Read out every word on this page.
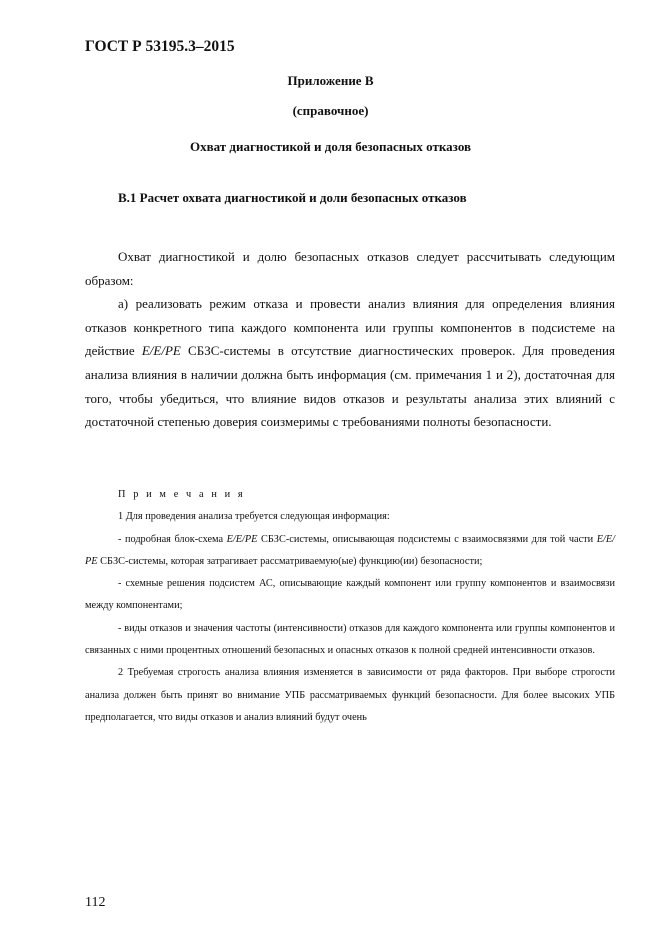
ГОСТ Р 53195.3–2015
Приложение В
(справочное)
Охват диагностикой и доля безопасных отказов
В.1 Расчет охвата диагностикой и доли безопасных отказов

Охват диагностикой и долю безопасных отказов следует рассчитывать следующим образом:

а) реализовать режим отказа и провести анализ влияния для определения влияния отказов конкретного типа каждого компонента или группы компонентов в подсистеме на действие Е/Е/РЕ СБЗС-системы в отсутствие диагностических проверок. Для проведения анализа влияния в наличии должна быть информация (см. примечания 1 и 2), достаточная для того, чтобы убедиться, что влияние видов отказов и результаты анализа этих влияний с достаточной степенью доверия соизмеримы с требованиями полноты безопасности.

П р и м е ч а н и я

1 Для проведения анализа требуется следующая информация:

- подробная блок-схема Е/Е/РЕ СБЗС-системы, описывающая подсистемы с взаимосвязями для той части Е/Е/РЕ СБЗС-системы, которая затрагивает рассматриваемую(ые) функцию(ии) безопасности;

- схемные решения подсистем АС, описывающие каждый компонент или группу компонентов и взаимосвязи между компонентами;

- виды отказов и значения частоты (интенсивности) отказов для каждого компонента или группы компонентов и связанных с ними процентных отношений безопасных и опасных отказов к полной средней интенсивности отказов.

2 Требуемая строгость анализа влияния изменяется в зависимости от ряда факторов. При выборе строгости анализа должен быть принят во внимание УПБ рассматриваемых функций безопасности. Для более высоких УПБ предполагается, что виды отказов и анализ влияний будут очень

112
